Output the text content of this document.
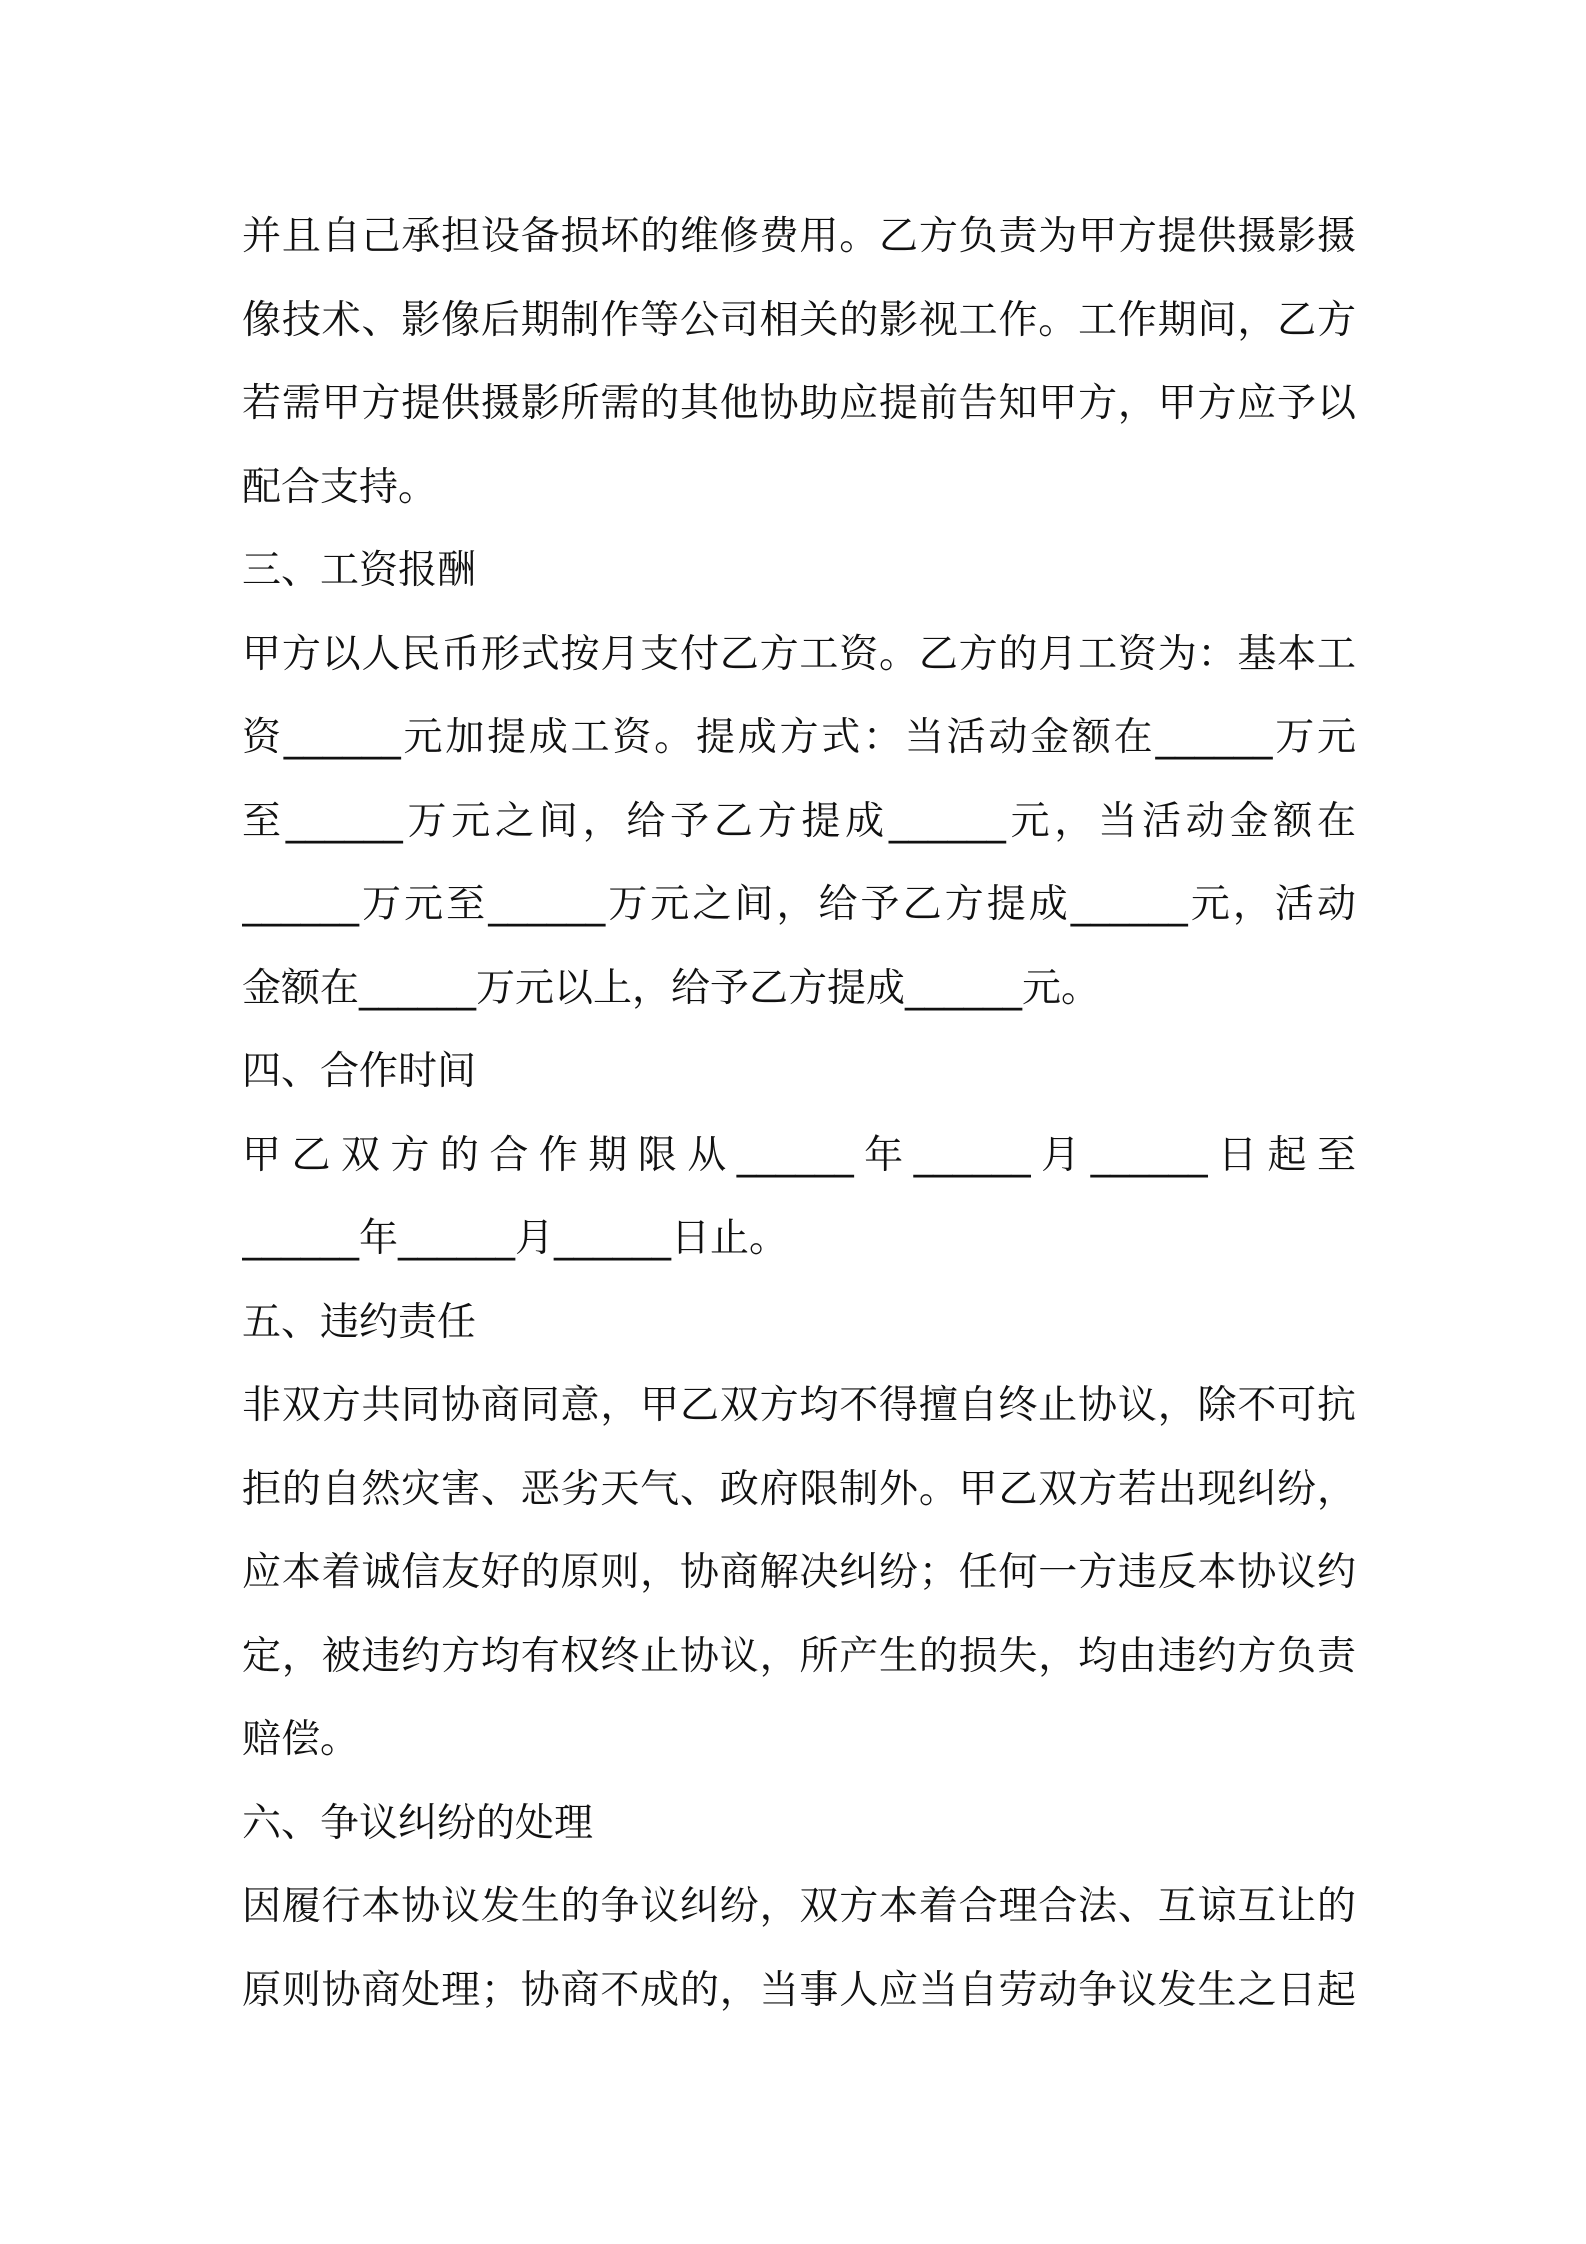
并且自己承担设备损坏的维修费用。乙方负责为甲方提供摄影摄
像技术、影像后期制作等公司相关的影视工作。工作期间，乙方
若需甲方提供摄影所需的其他协助应提前告知甲方，甲方应予以
配合支持。
三、工资报酬
甲方以人民币形式按月支付乙方工资。乙方的月工资为：基本工
资______元加提成工资。提成方式：当活动金额在______万元
至______万元之间，给予乙方提成______元，当活动金额在
______万元至______万元之间，给予乙方提成______元，活动
金额在______万元以上，给予乙方提成______元。
四、合作时间
甲乙双方的合作期限从______年______月______日起至
______年______月______日止。
五、违约责任
非双方共同协商同意，甲乙双方均不得擅自终止协议，除不可抗
拒的自然灾害、恶劣天气、政府限制外。甲乙双方若出现纠纷，
应本着诚信友好的原则，协商解决纠纷；任何一方违反本协议约
定，被违约方均有权终止协议，所产生的损失，均由违约方负责
赔偿。
六、争议纠纷的处理
因履行本协议发生的争议纠纷，双方本着合理合法、互谅互让的
原则协商处理；协商不成的，当事人应当自劳动争议发生之日起
